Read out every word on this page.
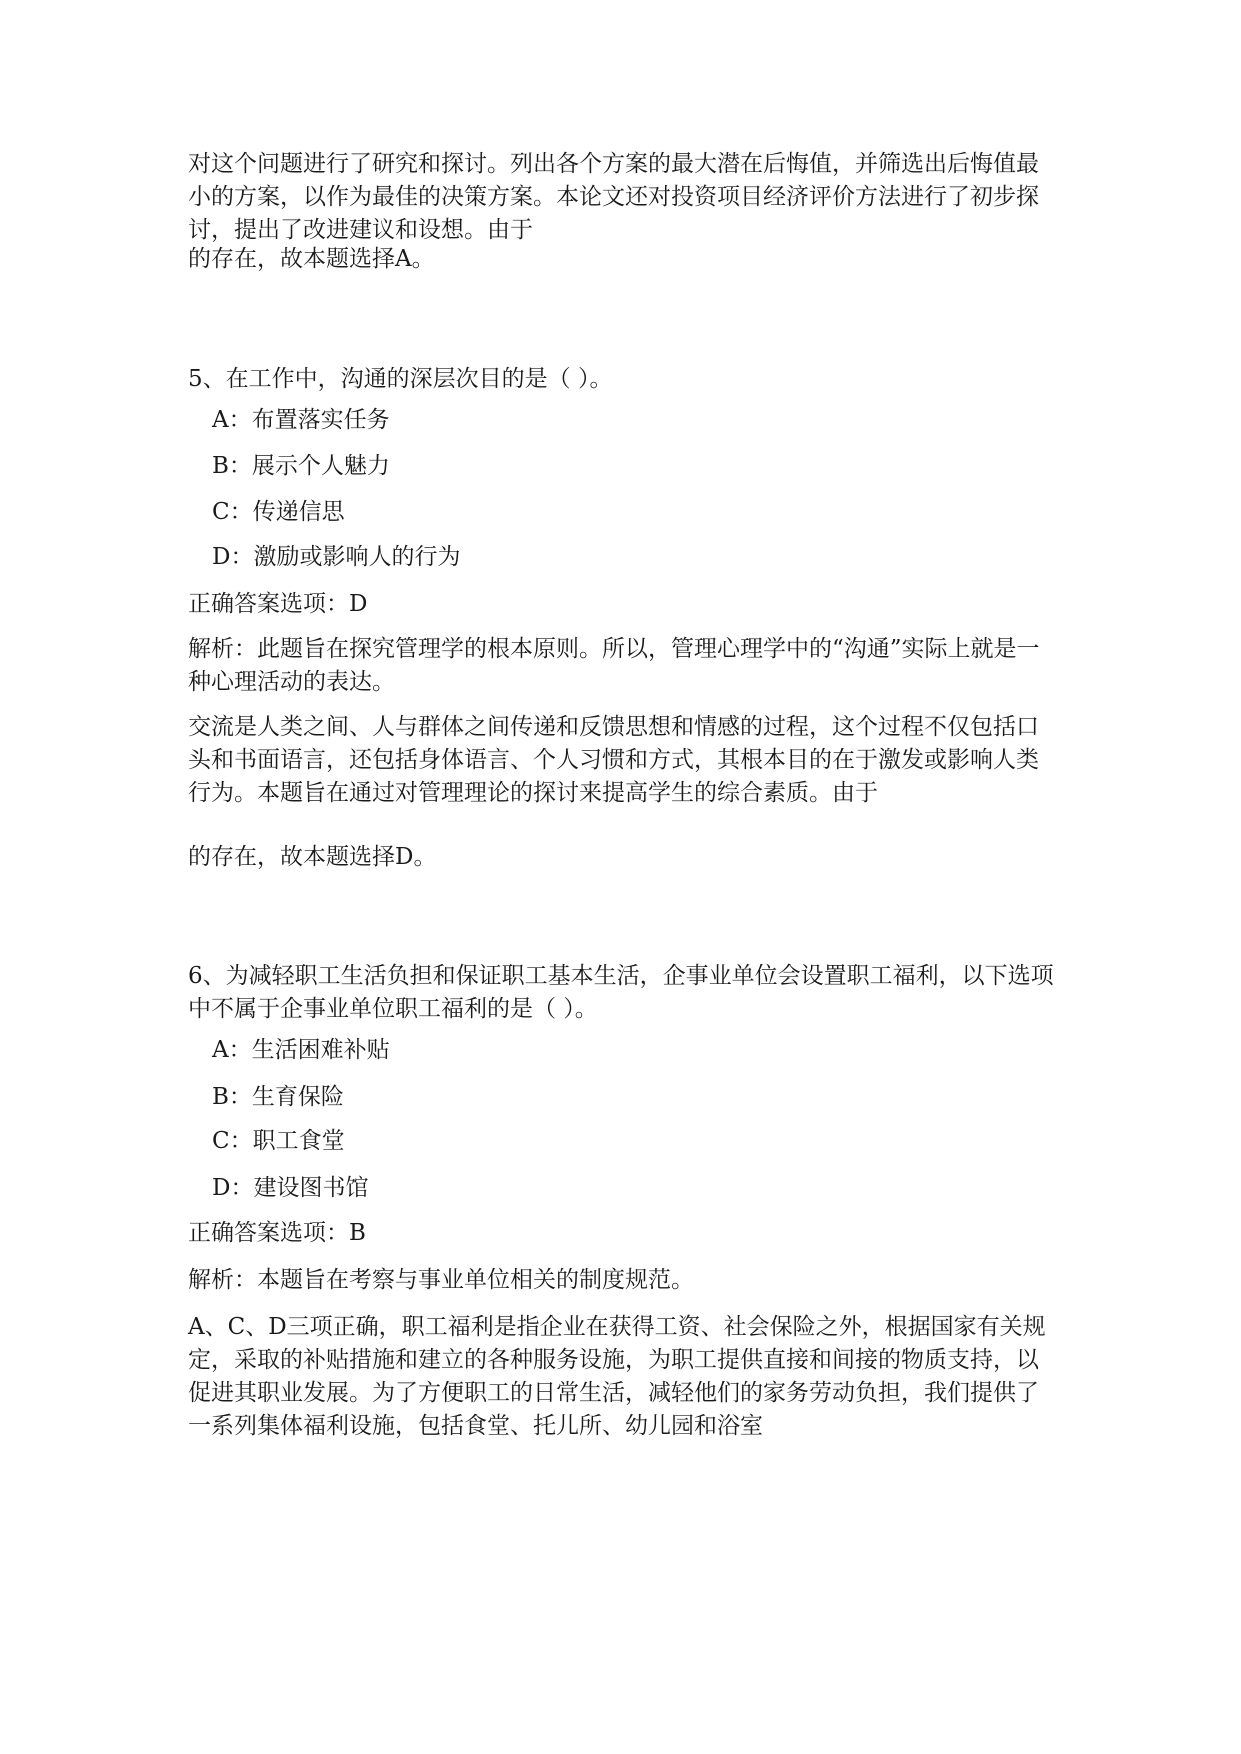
对这个问题进行了研究和探讨。列出各个方案的最大潜在后悔值，并筛选出后悔值最小的方案，以作为最佳的决策方案。本论文还对投资项目经济评价方法进行了初步探讨，提出了改进建议和设想。由于

的存在，故本题选择A。

5、在工作中，沟通的深层次目的是（ ）。

A：布置落实任务

B：展示个人魅力

C：传递信思

D：激励或影响人的行为

正确答案选项：D

解析：此题旨在探究管理学的根本原则。所以，管理心理学中的“沟通”实际上就是一种心理活动的表达。

交流是人类之间、人与群体之间传递和反馈思想和情感的过程，这个过程不仅包括口头和书面语言，还包括身体语言、个人习惯和方式，其根本目的在于激发或影响人类行为。本题旨在通过对管理理论的探讨来提高学生的综合素质。由于

的存在，故本题选择D。

6、为减轻职工生活负担和保证职工基本生活，企事业单位会设置职工福利，以下选项中不属于企事业单位职工福利的是（ ）。

A：生活困难补贴

B：生育保险

C：职工食堂

D：建设图书馆

正确答案选项：B

解析：本题旨在考察与事业单位相关的制度规范。

A、C、D三项正确，职工福利是指企业在获得工资、社会保险之外，根据国家有关规定，采取的补贴措施和建立的各种服务设施，为职工提供直接和间接的物质支持，以促进其职业发展。为了方便职工的日常生活，减轻他们的家务劳动负担，我们提供了一系列集体福利设施，包括食堂、托儿所、幼儿园和浴室
